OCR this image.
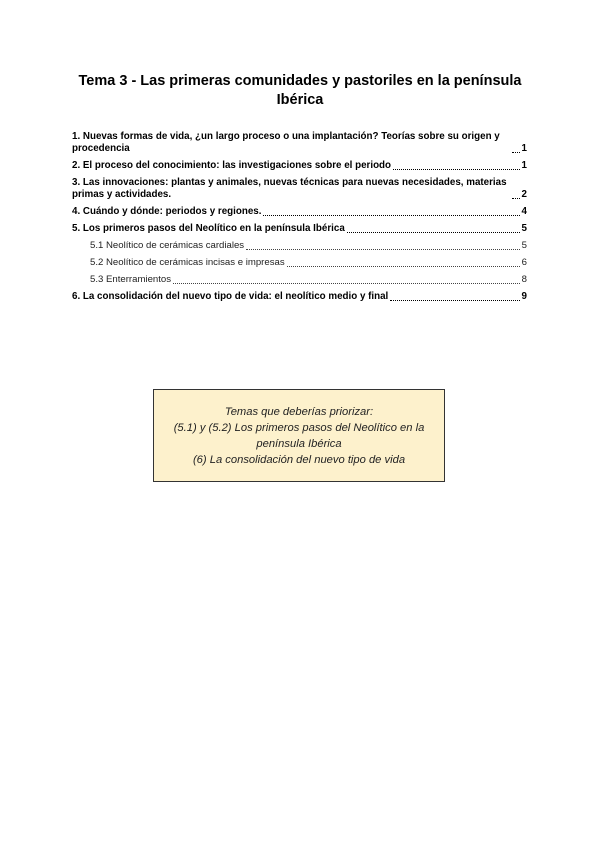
Tema 3 - Las primeras comunidades y pastoriles en la península Ibérica
1. Nuevas formas de vida, ¿un largo proceso o una implantación? Teorías sobre su origen y procedencia	1
2. El proceso del conocimiento: las investigaciones sobre el periodo	1
3. Las innovaciones: plantas y animales, nuevas técnicas para nuevas necesidades, materias primas y actividades.	2
4. Cuándo y dónde: periodos y regiones.	4
5. Los primeros pasos del Neolítico en la península Ibérica	5
5.1 Neolítico de cerámicas cardiales	5
5.2 Neolítico de cerámicas incisas e impresas	6
5.3 Enterramientos	8
6. La consolidación del nuevo tipo de vida: el neolítico medio y final	9
Temas que deberías priorizar:
(5.1) y (5.2) Los primeros pasos del Neolítico en la península Ibérica
(6) La consolidación del nuevo tipo de vida
